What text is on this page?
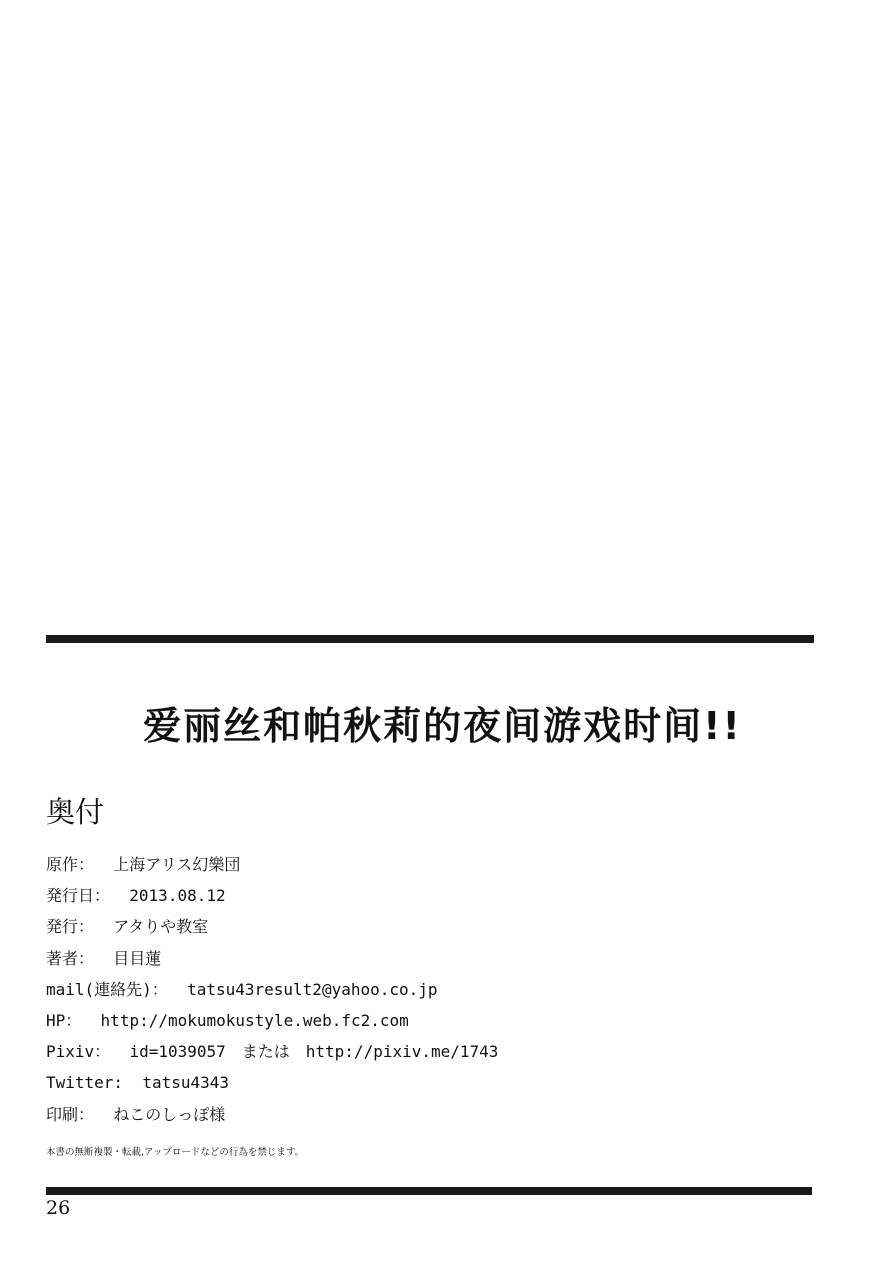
爱丽丝和帕秋莉的夜间游戏时间!!
奥付
原作： 上海アリス幻樂団
発行日： 2013.08.12
発行： アタりや教室
著者： 目目蓮
mail(連絡先)： tatsu43result2@yahoo.co.jp
HP： http://mokumokustyle.web.fc2.com
Pixiv： id=1039057　または　http://pixiv.me/1743
Twitter: tatsu4343
印刷： ねこのしっぽ様
本書の無断複製・転載,アップロードなどの行為を禁じます。
26
